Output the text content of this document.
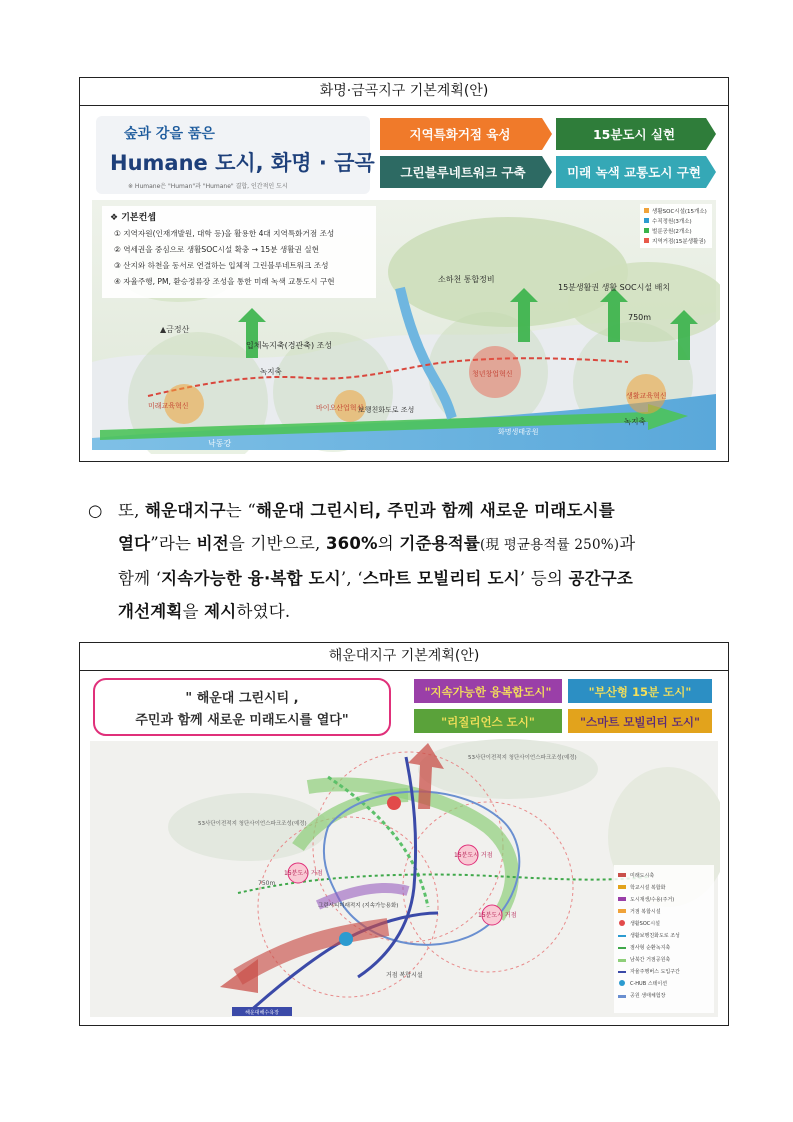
화명·금곡지구 기본계획(안)
숲과 강을 품은
Humane 도시, 화명 · 금곡
※ Humane은 "Human"과 "Humane" 결합, 인간적인 도시
지역특화거점 육성	15분도시 실현
그린블루네트워크 구축	미래 녹색 교통도시 구현
❖ 기본컨셉
① 지역자원(인재개발원, 대학 등)을 활용한 4대 지역특화거점 조성
② 역세권을 중심으로 생활SOC시설 확충 → 15분 생활권 실현
③ 산지와 하천을 동서로 연결하는 입체적 그린블루네트워크 조성
④ 자율주행, PM, 환승정류장 조성을 통한 미래 녹색 교통도시 구현
생활SOC시설(15개소)
수직정원(3개소)
벌룬공원(2개소)
지역거점(15분생활권)
▲금정산
입체녹지축(경관축) 조성
소하천 통합정비
15분생활권 생활 SOC시설 배치
750m
녹지축
녹지축
미래교육혁신	바이오산업혁신
생활교육혁신
청년창업혁신
보행친화도로 조성
화명생태공원
낙동강
○ 또, 해운대지구는 “해운대 그린시티, 주민과 함께 새로운 미래도시를
열다”라는 비전을 기반으로, 360%의 기준용적률(現 평균용적률 250%)과
함께 ‘지속가능한 융·복합 도시’, ‘스마트 모빌리티 도시’ 등의 공간구조
개선계획을 제시하였다.
해운대지구 기본계획(안)
" 해운대 그린시티 ,
주민과 함께 새로운 미래도시를 열다"
"지속가능한 융복합도시"	"부산형 15분 도시"
"리질리언스 도시"	"스마트 모빌리티 도시"
53사단이전적지 청단사이언스파크조성(예정)
53사단이전적지 청단사이언스파크조성(예정)
15분도시 거점
15분도시 거점
15분도시 거점
그린시티미래적지 (지속가능용화)
거점 복합시설
750m
해운대해수욕장
미래도시축
학교시설 복합화
도시재생/수용(주거)
거점 복합시설
생활SOC시설
생활보행친화도로 조성
점사형 순환녹지축
남북간 거점공원축
자율주행버스 도입구간
C-HUB 스테이션
공원 생태체험장
